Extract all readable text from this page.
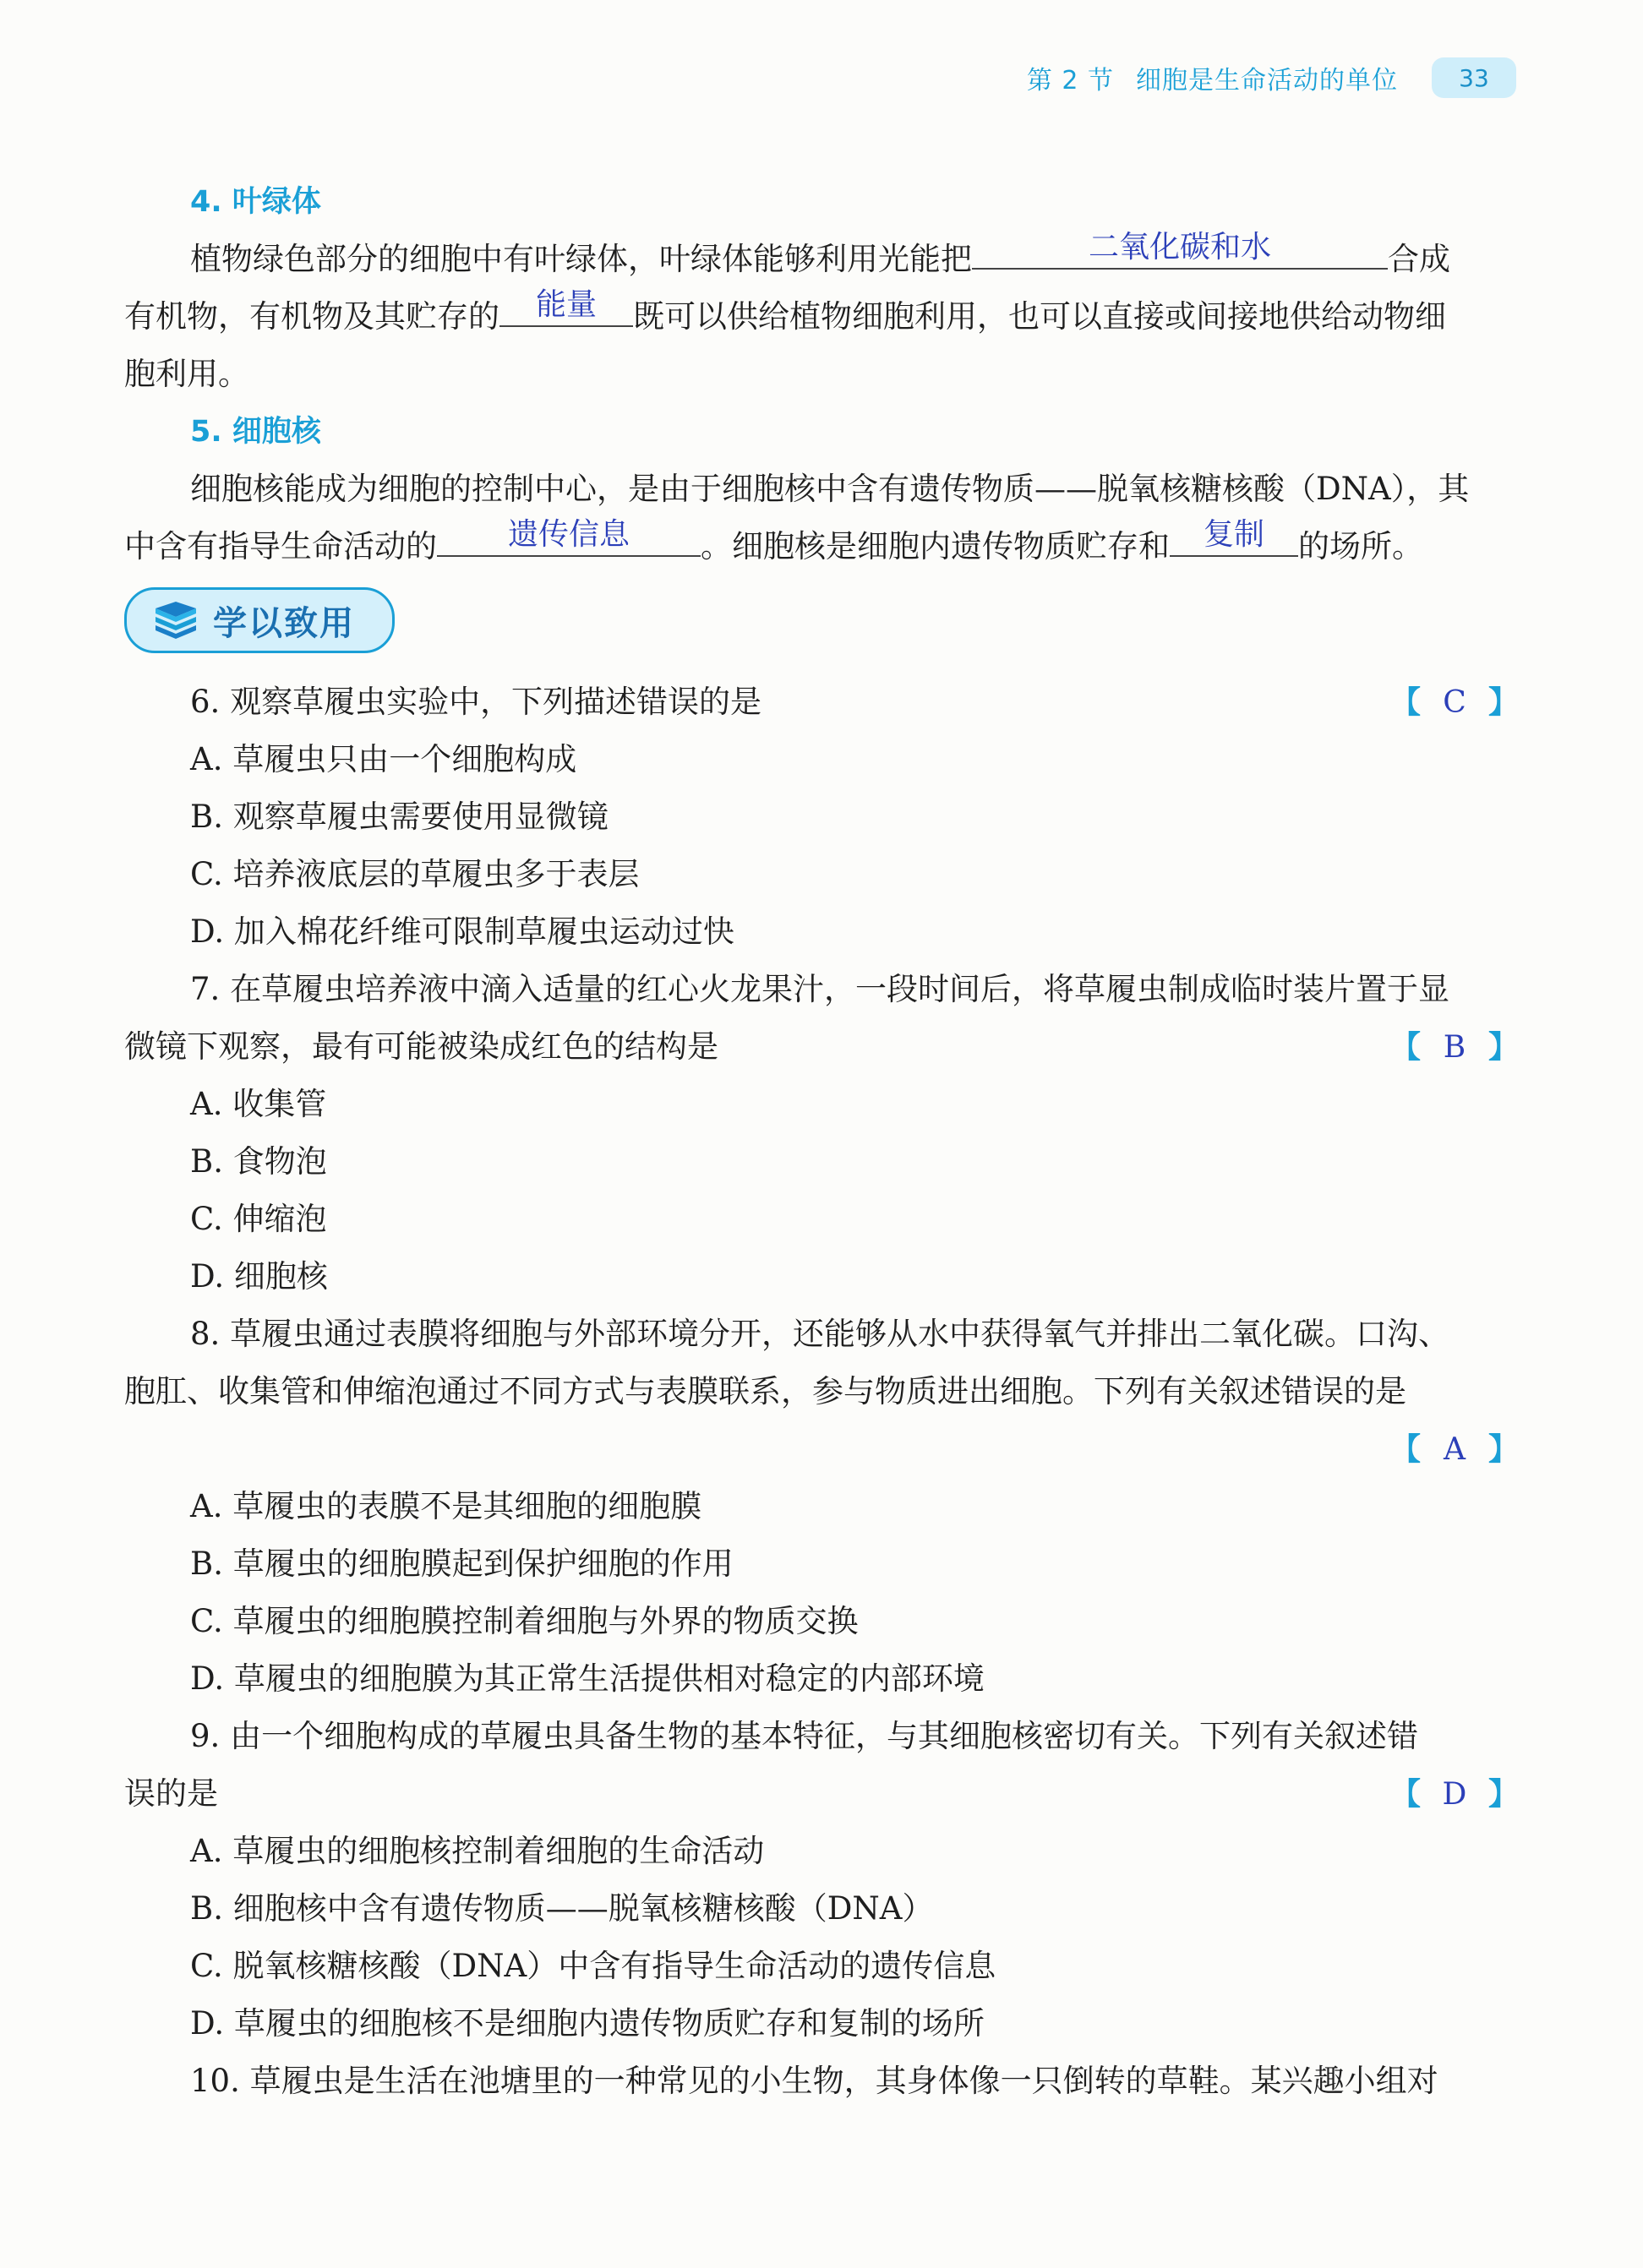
第 2 节 细胞是生命活动的单位	33
4. 叶绿体
植物绿色部分的细胞中有叶绿体，叶绿体能够利用光能把	二氧化碳和水	合成
有机物，有机物及其贮存的	能量	既可以供给植物细胞利用，也可以直接或间接地供给动物细
胞利用。
5. 细胞核
细胞核能成为细胞的控制中心，是由于细胞核中含有遗传物质——脱氧核糖核酸（DNA），其
中含有指导生命活动的	遗传信息	。细胞核是细胞内遗传物质贮存和	复制	的场所。
学以致用
6. 观察草履虫实验中，下列描述错误的是	【 C 】
A. 草履虫只由一个细胞构成
B. 观察草履虫需要使用显微镜
C. 培养液底层的草履虫多于表层
D. 加入棉花纤维可限制草履虫运动过快
7. 在草履虫培养液中滴入适量的红心火龙果汁，一段时间后，将草履虫制成临时装片置于显
微镜下观察，最有可能被染成红色的结构是	【 B 】
A. 收集管
B. 食物泡
C. 伸缩泡
D. 细胞核
8. 草履虫通过表膜将细胞与外部环境分开，还能够从水中获得氧气并排出二氧化碳。口沟、
胞肛、收集管和伸缩泡通过不同方式与表膜联系，参与物质进出细胞。下列有关叙述错误的是
【 A 】
A. 草履虫的表膜不是其细胞的细胞膜
B. 草履虫的细胞膜起到保护细胞的作用
C. 草履虫的细胞膜控制着细胞与外界的物质交换
D. 草履虫的细胞膜为其正常生活提供相对稳定的内部环境
9. 由一个细胞构成的草履虫具备生物的基本特征，与其细胞核密切有关。下列有关叙述错
误的是	【 D 】
A. 草履虫的细胞核控制着细胞的生命活动
B. 细胞核中含有遗传物质——脱氧核糖核酸（DNA）
C. 脱氧核糖核酸（DNA）中含有指导生命活动的遗传信息
D. 草履虫的细胞核不是细胞内遗传物质贮存和复制的场所
10. 草履虫是生活在池塘里的一种常见的小生物，其身体像一只倒转的草鞋。某兴趣小组对
